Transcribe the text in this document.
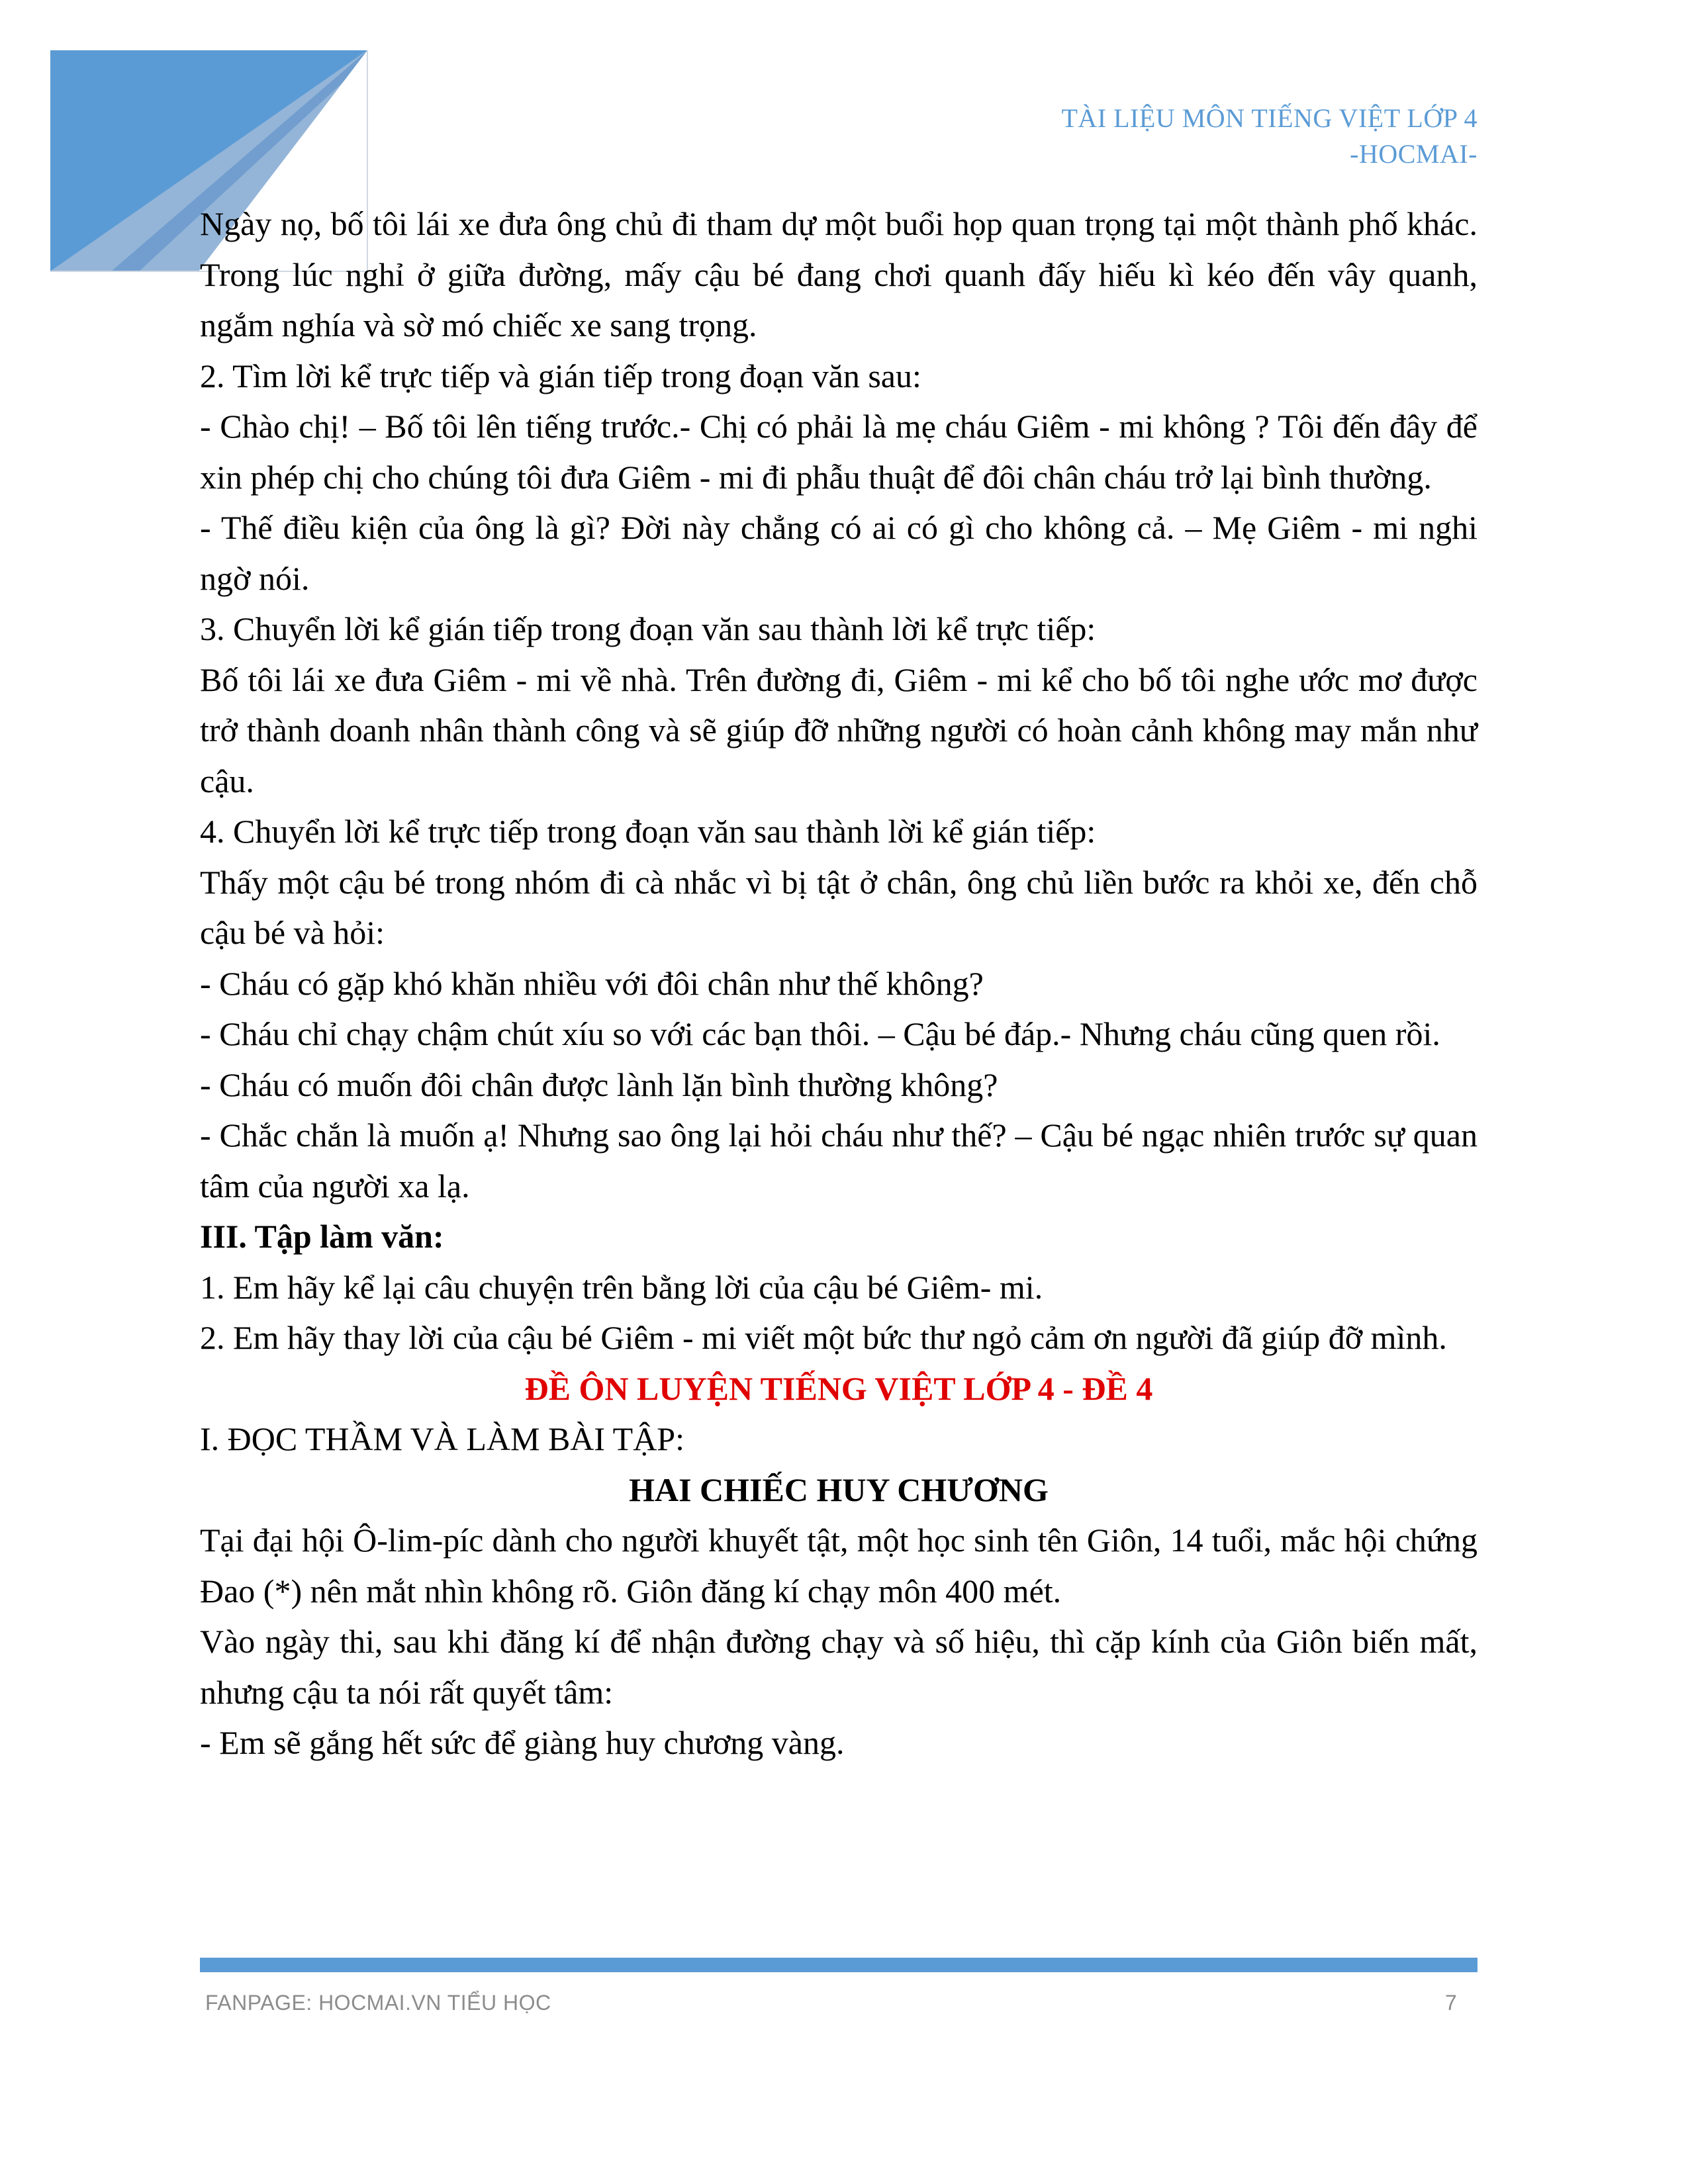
TÀI LIỆU MÔN TIẾNG VIỆT LỚP 4
-HOCMAI-

Ngày nọ, bố tôi lái xe đưa ông chủ đi tham dự một buổi họp quan trọng tại một thành phố khác. Trong lúc nghỉ ở giữa đường, mấy cậu bé đang chơi quanh đấy hiếu kì kéo đến vây quanh, ngắm nghía và sờ mó chiếc xe sang trọng.

2. Tìm lời kể trực tiếp và gián tiếp trong đoạn văn sau:

- Chào chị! – Bố tôi lên tiếng trước.- Chị có phải là mẹ cháu Giêm - mi không ? Tôi đến đây để xin phép chị cho chúng tôi đưa Giêm - mi đi phẫu thuật để đôi chân cháu trở lại bình thường.

- Thế điều kiện của ông là gì? Đời này chẳng có ai có gì cho không cả. – Mẹ Giêm - mi nghi ngờ nói.

3. Chuyển lời kể gián tiếp trong đoạn văn sau thành lời kể trực tiếp:

Bố tôi lái xe đưa Giêm - mi về nhà. Trên đường đi, Giêm - mi kể cho bố tôi nghe ước mơ được trở thành doanh nhân thành công và sẽ giúp đỡ những người có hoàn cảnh không may mắn như cậu.

4. Chuyển lời kể trực tiếp trong đoạn văn sau thành lời kể gián tiếp:

Thấy một cậu bé trong nhóm đi cà nhắc vì bị tật ở chân, ông chủ liền bước ra khỏi xe, đến chỗ cậu bé và hỏi:

- Cháu có gặp khó khăn nhiều với đôi chân như thế không?

- Cháu chỉ chạy chậm chút xíu so với các bạn thôi. – Cậu bé đáp.- Nhưng cháu cũng quen rồi.

- Cháu có muốn đôi chân được lành lặn bình thường không?

- Chắc chắn là muốn ạ! Nhưng sao ông lại hỏi cháu như thế? – Cậu bé ngạc nhiên trước sự quan tâm của người xa lạ.

III. Tập làm văn:

1. Em hãy kể lại câu chuyện trên bằng lời của cậu bé Giêm- mi.

2. Em hãy thay lời của cậu bé Giêm - mi viết một bức thư ngỏ cảm ơn người đã giúp đỡ mình.

ĐỀ ÔN LUYỆN TIẾNG VIỆT LỚP 4 - ĐỀ 4

I. ĐỌC THẦM VÀ LÀM BÀI TẬP:

HAI CHIẾC HUY CHƯƠNG

Tại đại hội Ô-lim-píc dành cho người khuyết tật, một học sinh tên Giôn, 14 tuổi, mắc hội chứng Đao (*) nên mắt nhìn không rõ. Giôn đăng kí chạy môn 400 mét.

Vào ngày thi, sau khi đăng kí để nhận đường chạy và số hiệu, thì cặp kính của Giôn biến mất, nhưng cậu ta nói rất quyết tâm:

- Em sẽ gắng hết sức để giàng huy chương vàng.

FANPAGE: HOCMAI.VN TIỂU HỌC	7
